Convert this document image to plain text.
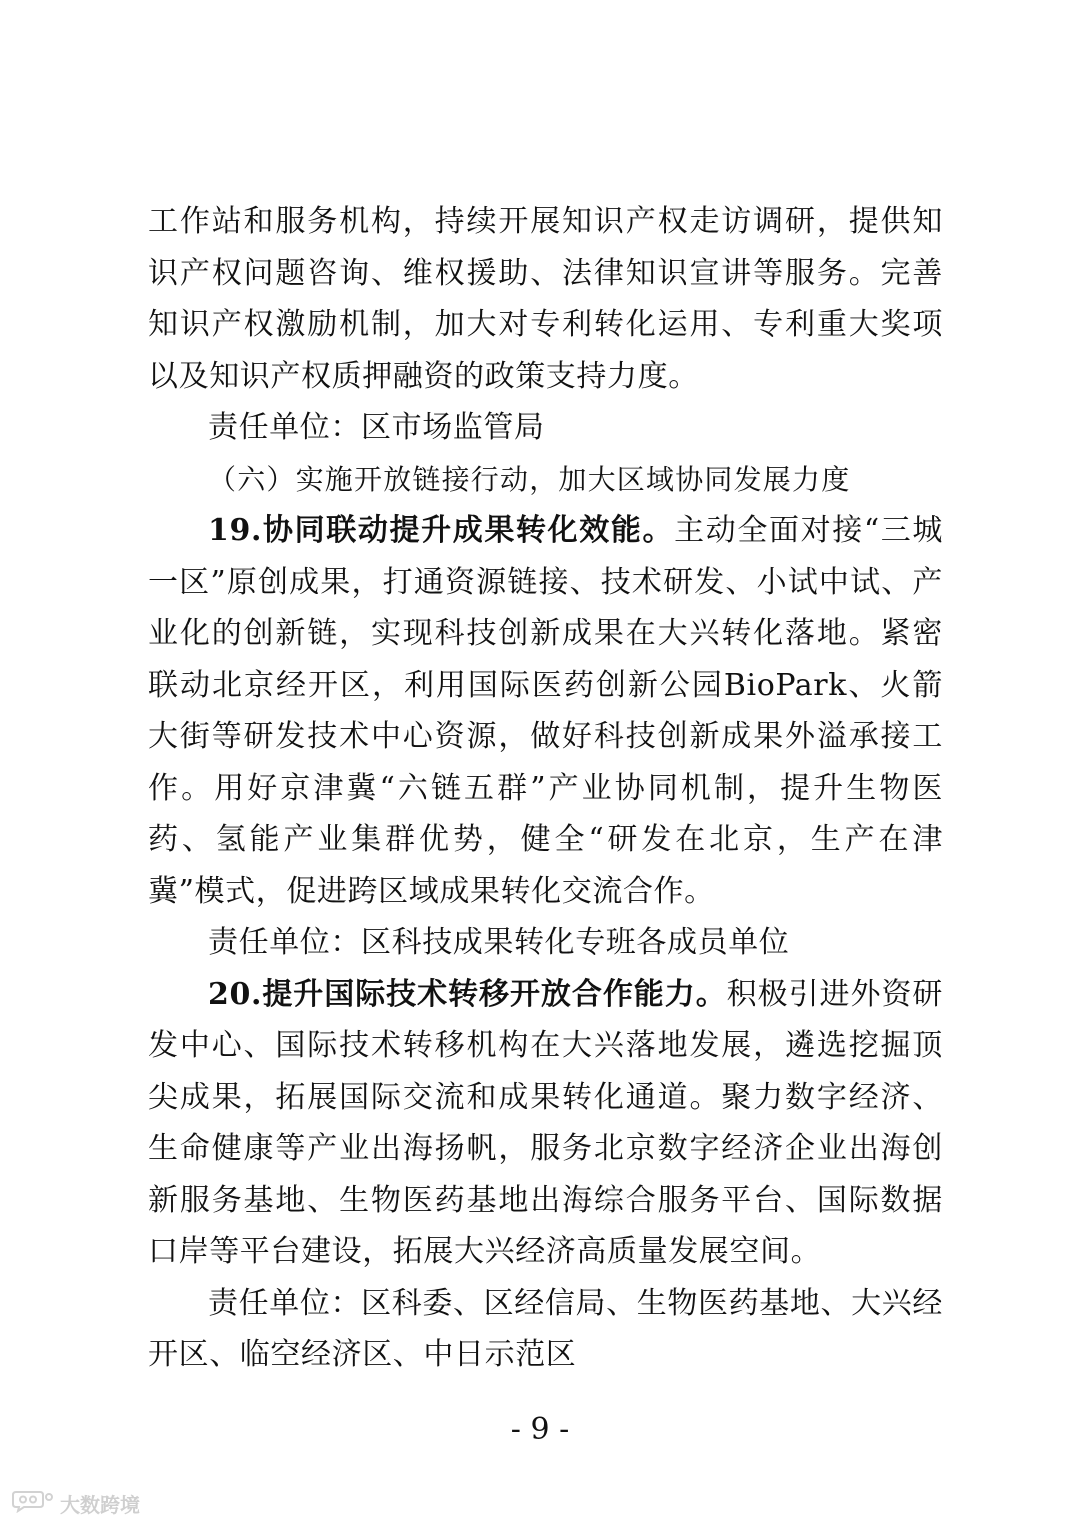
工作站和服务机构，持续开展知识产权走访调研，提供知识产权问题咨询、维权援助、法律知识宣讲等服务。完善知识产权激励机制，加大对专利转化运用、专利重大奖项以及知识产权质押融资的政策支持力度。

责任单位：区市场监管局

（六）实施开放链接行动，加大区域协同发展力度

19.协同联动提升成果转化效能。主动全面对接“三城一区”原创成果，打通资源链接、技术研发、小试中试、产业化的创新链，实现科技创新成果在大兴转化落地。紧密联动北京经开区，利用国际医药创新公园BioPark、火箭大街等研发技术中心资源，做好科技创新成果外溢承接工作。用好京津冀“六链五群”产业协同机制，提升生物医药、氢能产业集群优势，健全“研发在北京，生产在津冀”模式，促进跨区域成果转化交流合作。

责任单位：区科技成果转化专班各成员单位

20.提升国际技术转移开放合作能力。积极引进外资研发中心、国际技术转移机构在大兴落地发展，遴选挖掘顶尖成果，拓展国际交流和成果转化通道。聚力数字经济、生命健康等产业出海扬帆，服务北京数字经济企业出海创新服务基地、生物医药基地出海综合服务平台、国际数据口岸等平台建设，拓展大兴经济高质量发展空间。

责任单位：区科委、区经信局、生物医药基地、大兴经开区、临空经济区、中日示范区

- 9 -
大数跨境
